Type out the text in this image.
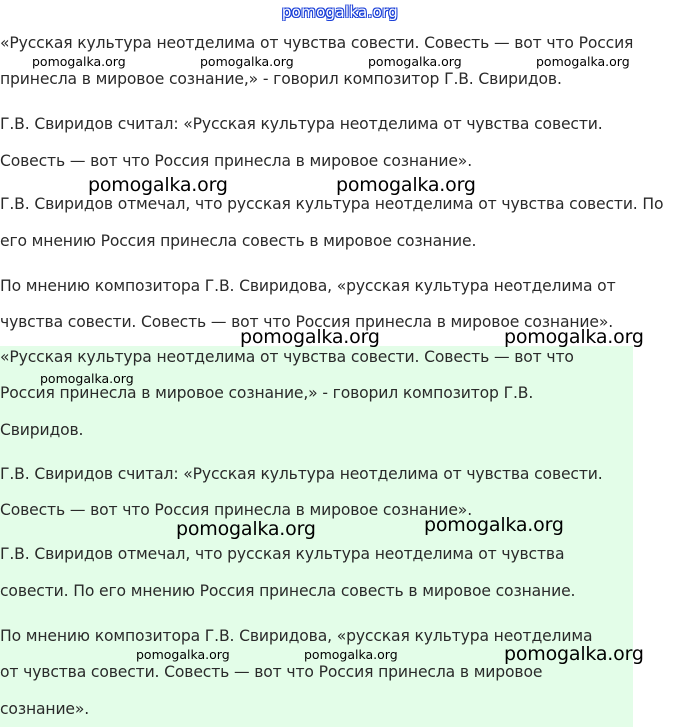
pomogalka.org

«Русская культура неотделима от чувства совести. Совесть — вот что Россия

принесла в мировое сознание,» - говорил композитор Г.В. Свиридов.

Г.В. Свиридов считал: «Русская культура неотделима от чувства совести.

Совесть — вот что Россия принесла в мировое сознание».

Г.В. Свиридов отмечал, что русская культура неотделима от чувства совести. По

его мнению Россия принесла совесть в мировое сознание.

По мнению композитора Г.В. Свиридова, «русская культура неотделима от

чувства совести. Совесть — вот что Россия принесла в мировое сознание».

«Русская культура неотделима от чувства совести. Совесть — вот что

Россия принесла в мировое сознание,» - говорил композитор Г.В.

Свиридов.

Г.В. Свиридов считал: «Русская культура неотделима от чувства совести.

Совесть — вот что Россия принесла в мировое сознание».

Г.В. Свиридов отмечал, что русская культура неотделима от чувства

совести. По его мнению Россия принесла совесть в мировое сознание.

По мнению композитора Г.В. Свиридова, «русская культура неотделима

от чувства совести. Совесть — вот что Россия принесла в мировое

сознание».

pomogalka.org	pomogalka.org	pomogalka.org	pomogalka.org
pomogalka.org	pomogalka.org
pomogalka.org	pomogalka.org
pomogalka.org
pomogalka.org	pomogalka.org
pomogalka.org	pomogalka.org	pomogalka.org
